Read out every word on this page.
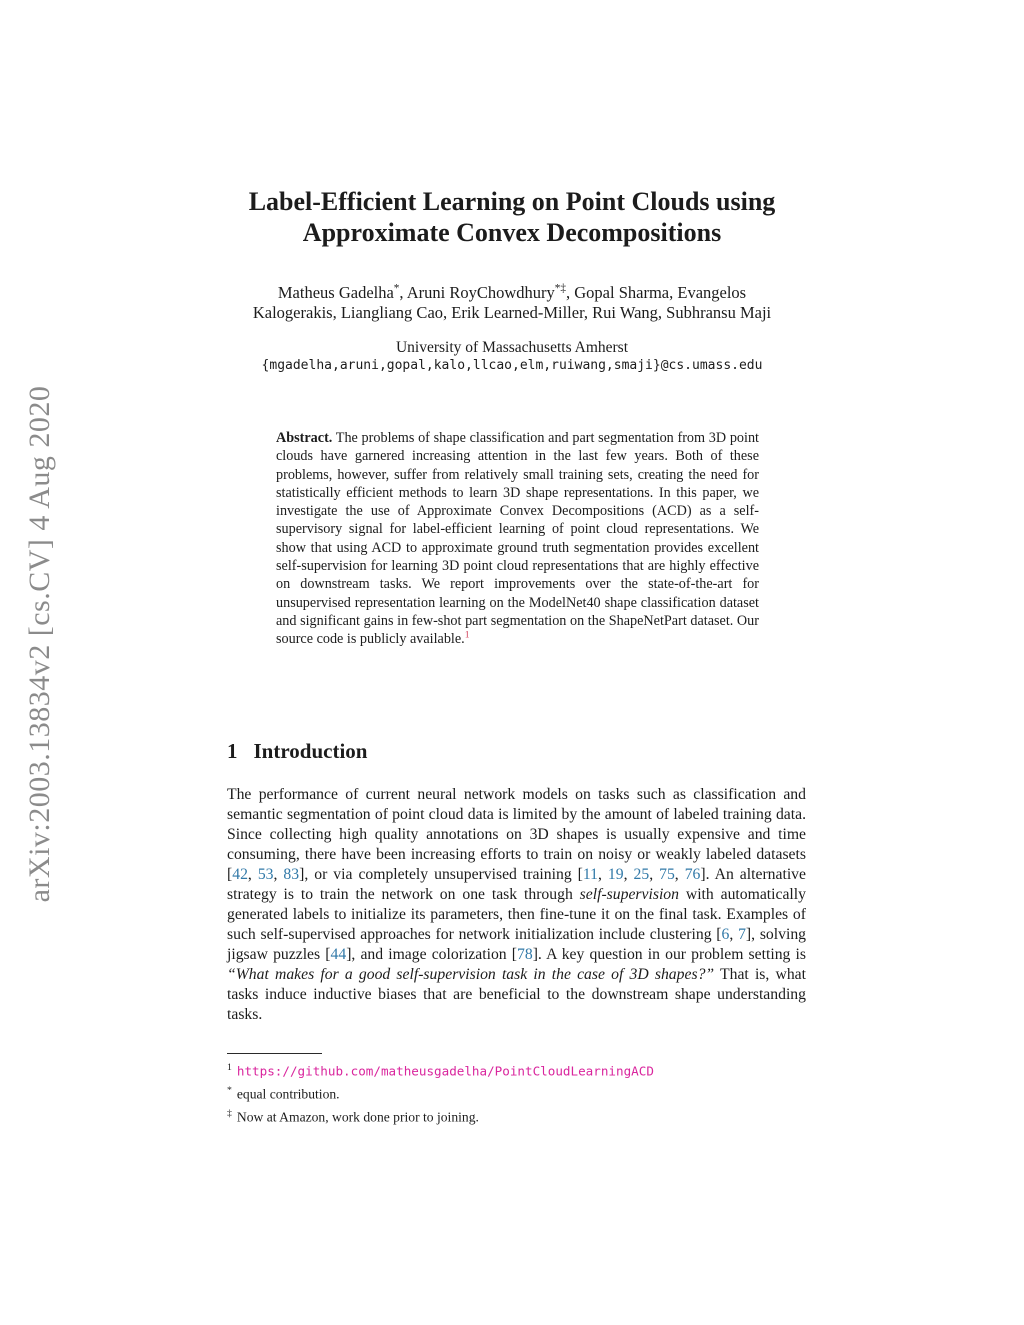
arXiv:2003.13834v2 [cs.CV] 4 Aug 2020
Label-Efficient Learning on Point Clouds using
Approximate Convex Decompositions
Matheus Gadelha*, Aruni RoyChowdhury*‡, Gopal Sharma, Evangelos
Kalogerakis, Liangliang Cao, Erik Learned-Miller, Rui Wang, Subhransu Maji
University of Massachusetts Amherst
{mgadelha,aruni,gopal,kalo,llcao,elm,ruiwang,smaji}@cs.umass.edu
Abstract. The problems of shape classification and part segmentation from 3D point clouds have garnered increasing attention in the last few years. Both of these problems, however, suffer from relatively small training sets, creating the need for statistically efficient methods to learn 3D shape representations. In this paper, we investigate the use of Approximate Convex Decompositions (ACD) as a self-supervisory signal for label-efficient learning of point cloud representations. We show that using ACD to approximate ground truth segmentation provides excellent self-supervision for learning 3D point cloud representations that are highly effective on downstream tasks. We report improvements over the state-of-the-art for unsupervised representation learning on the ModelNet40 shape classification dataset and significant gains in few-shot part segmentation on the ShapeNetPart dataset. Our source code is publicly available.$^1$
1 Introduction
The performance of current neural network models on tasks such as classification and semantic segmentation of point cloud data is limited by the amount of labeled training data. Since collecting high quality annotations on 3D shapes is usually expensive and time consuming, there have been increasing efforts to train on noisy or weakly labeled datasets [42, 53, 83], or via completely unsupervised training [11, 19, 25, 75, 76]. An alternative strategy is to train the network on one task through self-supervision with automatically generated labels to initialize its parameters, then fine-tune it on the final task. Examples of such self-supervised approaches for network initialization include clustering [6, 7], solving jigsaw puzzles [44], and image colorization [78]. A key question in our problem setting is “What makes for a good self-supervision task in the case of 3D shapes?” That is, what tasks induce inductive biases that are beneficial to the downstream shape understanding tasks.
$^1$ https://github.com/matheusgadelha/PointCloudLearningACD
* equal contribution.
‡ Now at Amazon, work done prior to joining.
